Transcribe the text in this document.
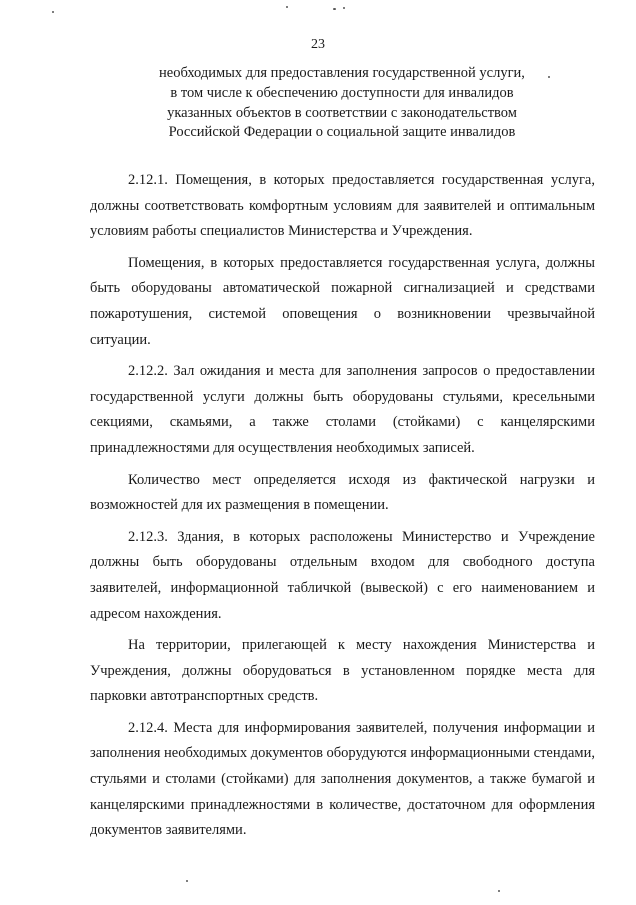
23
необходимых для предоставления государственной услуги,
в том числе к обеспечению доступности для инвалидов
указанных объектов в соответствии с законодательством
Российской Федерации о социальной защите инвалидов

2.12.1. Помещения, в которых предоставляется государственная услуга, должны соответствовать комфортным условиям для заявителей и оптимальным условиям работы специалистов Министерства и Учреждения.

Помещения, в которых предоставляется государственная услуга, должны быть оборудованы автоматической пожарной сигнализацией и средствами пожаротушения, системой оповещения о возникновении чрезвычайной ситуации.

2.12.2. Зал ожидания и места для заполнения запросов о предоставлении государственной услуги должны быть оборудованы стульями, кресельными секциями, скамьями, а также столами (стойками) с канцелярскими принадлежностями для осуществления необходимых записей.

Количество мест определяется исходя из фактической нагрузки и возможностей для их размещения в помещении.

2.12.3. Здания, в которых расположены Министерство и Учреждение должны быть оборудованы отдельным входом для свободного доступа заявителей, информационной табличкой (вывеской) с его наименованием и адресом нахождения.

На территории, прилегающей к месту нахождения Министерства и Учреждения, должны оборудоваться в установленном порядке места для парковки автотранспортных средств.

2.12.4. Места для информирования заявителей, получения информации и заполнения необходимых документов оборудуются информационными стендами, стульями и столами (стойками) для заполнения документов, а также бумагой и канцелярскими принадлежностями в количестве, достаточном для оформления документов заявителями.
